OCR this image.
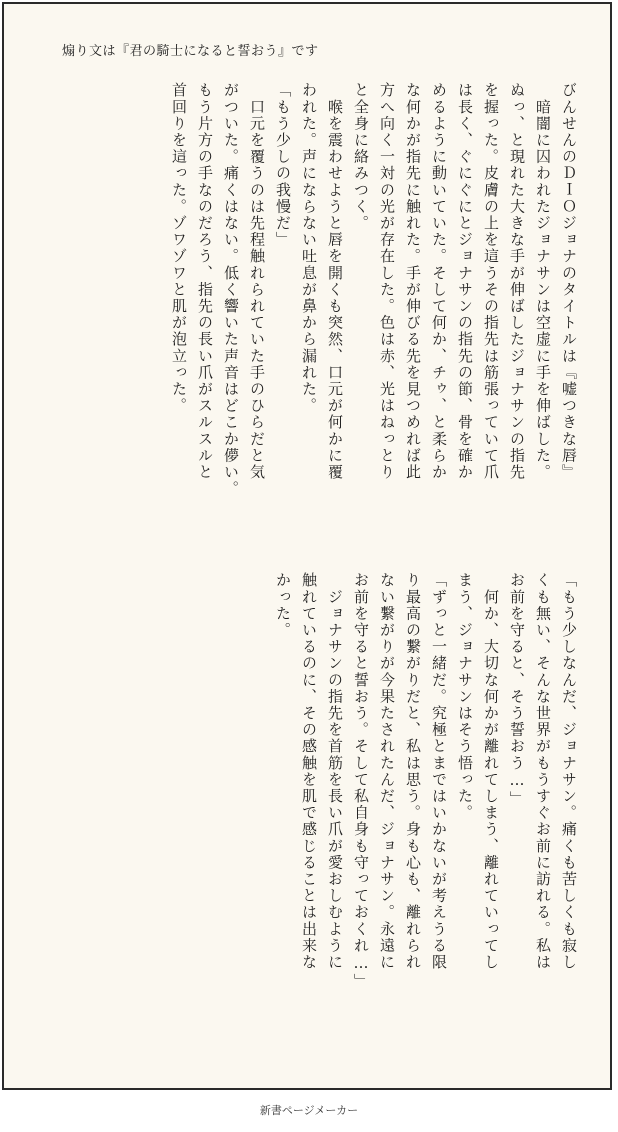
煽り文は『君の騎士になると誓おう』です

びんせんのＤＩＯジョナのタイトルは『嘘つきな唇』

　暗闇に囚われたジョナサンは空虚に手を伸ばした。

ぬっ、と現れた大きな手が伸ばしたジョナサンの指先

を握った。皮膚の上を這うその指先は筋張っていて爪

は長く、ぐにぐにとジョナサンの指先の節、骨を確か

めるように動いていた。そして何か、チゥ、と柔らか

な何かが指先に触れた。手が伸びる先を見つめれば此

方へ向く一対の光が存在した。色は赤、光はねっとり

と全身に絡みつく。

　喉を震わせようと唇を開くも突然、口元が何かに覆

われた。声にならない吐息が鼻から漏れた。

「もう少しの我慢だ」

　口元を覆うのは先程触れられていた手のひらだと気

がついた。痛くはない。低く響いた声音はどこか儚い。

もう片方の手なのだろう、指先の長い爪がスルスルと

首回りを這った。ゾワゾワと肌が泡立った。

「もう少しなんだ、ジョナサン。痛くも苦しくも寂し

くも無い、そんな世界がもうすぐお前に訪れる。私は

お前を守ると、そう誓おう…」

　何か、大切な何かが離れてしまう、離れていってし

まう、ジョナサンはそう悟った。

「ずっと一緒だ。究極とまではいかないが考えうる限

り最高の繋がりだと、私は思う。身も心も、離れられ

ない繋がりが今果たされたんだ、ジョナサン。永遠に

お前を守ると誓おう。そして私自身も守っておくれ…」

　ジョナサンの指先を首筋を長い爪が愛おしむように

触れているのに、その感触を肌で感じることは出来な

かった。

新書ページメーカー
